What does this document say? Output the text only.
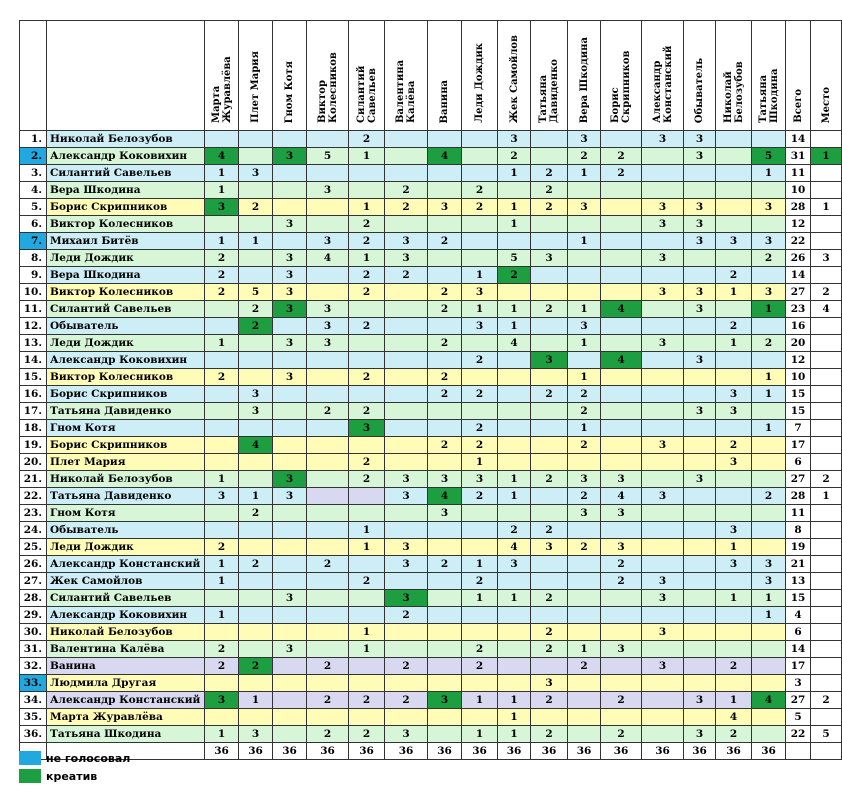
		Марта Журавлёва	Плет Мария	Гном Котя	Виктор Колесников	Силантий Савельев	Валентина Калёва	Ванина	Леди Дождик	Жек Самойлов	Татьяна Давиденко	Вера Шкодина	Борис Скрипников	Александр Констанский	Обыватель	Николай Белозубов	Татьяна Шкодина	Всего	Место
1.	Николай Белозубов					2				3		3		3	3			14	
2.	Александр Коковихин	4		3	5	1		4		2		2	2		3		5	31	1
3.	Силантий Савельев	1	3							1	2	1	2				1	11	
4.	Вера Шкодина	1			3		2		2		2							10	
5.	Борис Скрипников	3	2			1	2	3	2	1	2	3		3	3		3	28	1
6.	Виктор Колесников			3		2				1				3	3			12	
7.	Михаил Битёв	1	1		3	2	3	2				1			3	3	3	22	
8.	Леди Дождик	2		3	4	1	3			5	3			3			2	26	3
9.	Вера Шкодина	2		3		2	2		1	2						2		14	
10.	Виктор Колесников	2	5	3		2		2	3					3	3	1	3	27	2
11.	Силантий Савельев		2	3	3			2	1	1	2	1	4		3		1	23	4
12.	Обыватель		2		3	2			3	1		3				2		16	
13.	Леди Дождик	1		3	3			2		4		1		3		1	2	20	
14.	Александр Коковихин								2		3		4		3			12	
15.	Виктор Колесников	2		3		2		2				1					1	10	
16.	Борис Скрипников		3					2	2		2	2				3	1	15	
17.	Татьяна Давиденко		3		2	2						2			3	3		15	
18.	Гном Котя					3			2			1					1	7	
19.	Борис Скрипников		4					2	2			2		3		2		17	
20.	Плет Мария					2			1							3		6	
21.	Николай Белозубов	1		3		2	3	3	3	1	2	3	3		3			27	2
22.	Татьяна Давиденко	3	1	3			3	4	2	1		2	4	3			2	28	1
23.	Гном Котя		2					3				3	3					11	
24.	Обыватель					1				2	2					3		8	
25.	Леди Дождик	2				1	3			4	3	2	3			1		19	
26.	Александр Констанский	1	2		2		3	2	1	3			2			3	3	21	
27.	Жек Самойлов	1				2			2				2	3			3	13	
28.	Силантий Савельев			3			3		1	1	2			3		1	1	15	
29.	Александр Коковихин	1					2										1	4	
30.	Николай Белозубов					1					2			3				6	
31.	Валентина Калёва	2		3		1			2		2	1	3					14	
32.	Ванина	2	2		2		2		2			2		3		2		17	
33.	Людмила Другая										3							3	
34.	Александр Констанский	3	1		2	2	2	3	1	1	2		2		3	1	4	27	2
35.	Марта Журавлёва									1						4		5	
36.	Татьяна Шкодина	1	3		2	2	3		1	1	2		2		3	2		22	5
		36	36	36	36	36	36	36	36	36	36	36	36	36	36	36	36		
не голосовал
креатив
